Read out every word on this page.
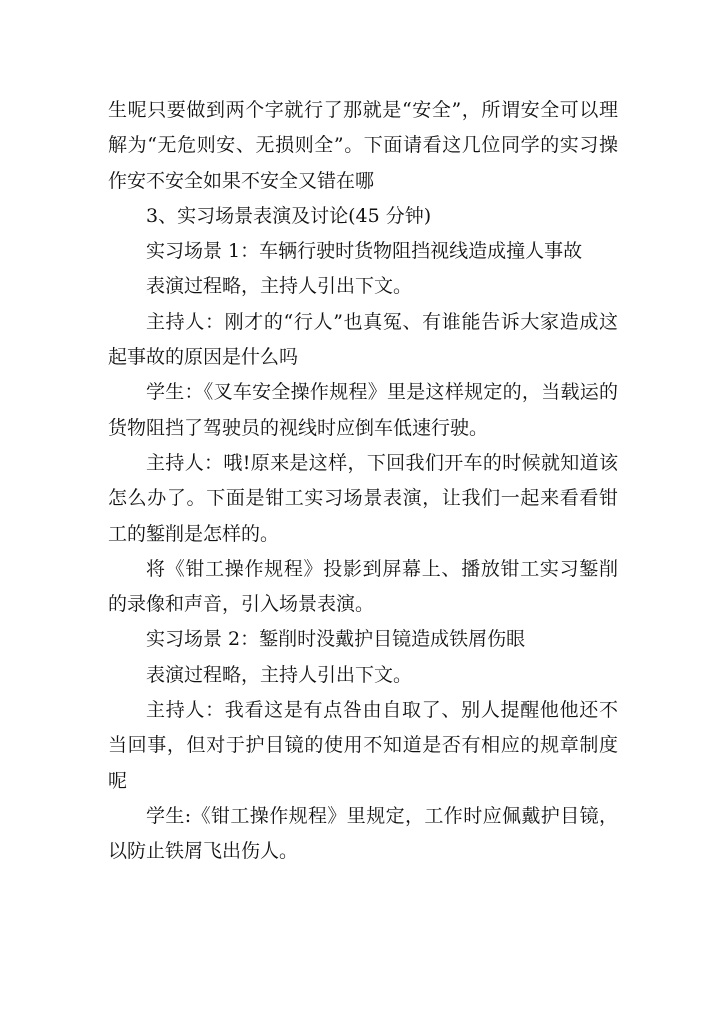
生呢只要做到两个字就行了那就是“安全”，所谓安全可以理解为“无危则安、无损则全”。下面请看这几位同学的实习操作安不安全如果不安全又错在哪

3、实习场景表演及讨论(45 分钟)

实习场景 1：车辆行驶时货物阻挡视线造成撞人事故

表演过程略，主持人引出下文。

主持人：刚才的“行人”也真冤、有谁能告诉大家造成这起事故的原因是什么吗

学生：《叉车安全操作规程》里是这样规定的，当载运的货物阻挡了驾驶员的视线时应倒车低速行驶。

主持人：哦!原来是这样，下回我们开车的时候就知道该怎么办了。下面是钳工实习场景表演，让我们一起来看看钳工的錾削是怎样的。

将《钳工操作规程》投影到屏幕上、播放钳工实习錾削的录像和声音，引入场景表演。

实习场景 2：錾削时没戴护目镜造成铁屑伤眼

表演过程略，主持人引出下文。

主持人：我看这是有点咎由自取了、别人提醒他他还不当回事，但对于护目镜的使用不知道是否有相应的规章制度呢

学生:《钳工操作规程》里规定，工作时应佩戴护目镜，以防止铁屑飞出伤人。
